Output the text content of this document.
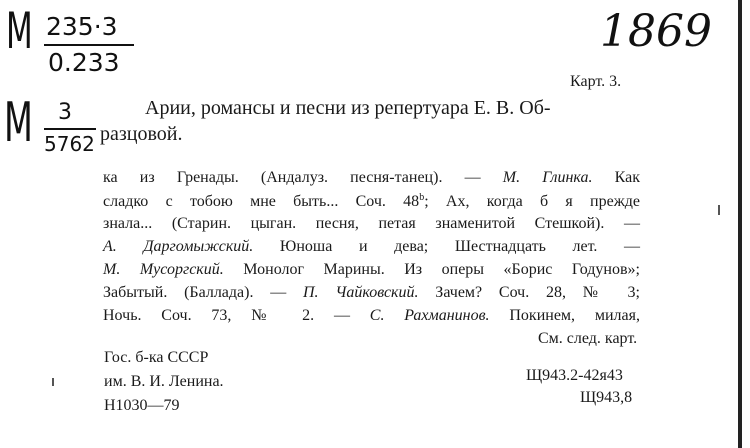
М 235·3
0.233
М 3
5762
1869
Карт. 3.
Арии, романсы и песни из репертуара Е. В. Об-
разцовой.
ка из Гренады. (Андалуз. песня-танец). — М. Глинка. Как
сладко с тобою мне быть... Соч. 48$^b$; Ах, когда б я прежде
знала... (Старин. цыган. песня, петая знаменитой Стешкой). —
А. Даргомыжский. Юноша и дева; Шестнадцать лет. —
М. Мусоргский. Монолог Марины. Из оперы «Борис Годунов»;
Забытый. (Баллада). — П. Чайковский. Зачем? Соч. 28, № 3;
Ночь. Соч. 73, № 2. — С. Рахманинов. Покинем, милая,
См. след. карт.
Гос. б-ка СССР
им. В. И. Ленина.
Н1030—79
Щ943.2-42я43
Щ943,8
